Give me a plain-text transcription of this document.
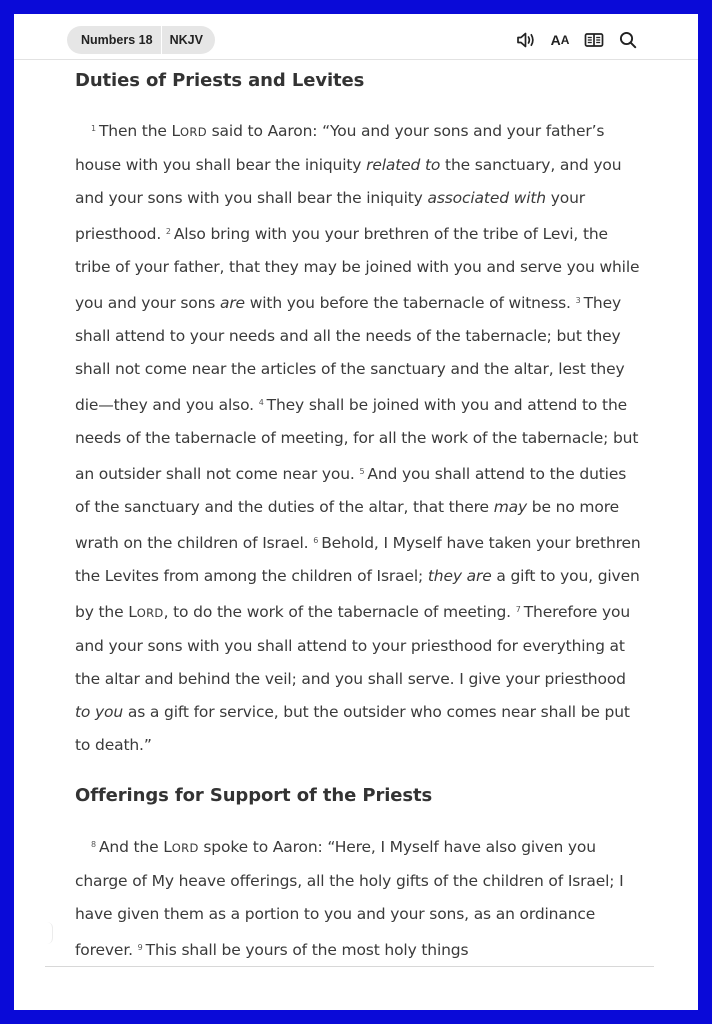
Numbers 18	NKJV	A A
Duties of Priests and Levites

$^1$ Then the LORD said to Aaron: “You and your sons and your father’s house with you shall bear the iniquity related to the sanctuary, and you and your sons with you shall bear the iniquity associated with your priesthood. $^2$ Also bring with you your brethren of the tribe of Levi, the tribe of your father, that they may be joined with you and serve you while you and your sons are with you before the tabernacle of witness. $^3$ They shall attend to your needs and all the needs of the tabernacle; but they shall not come near the articles of the sanctuary and the altar, lest they die—they and you also. $^4$ They shall be joined with you and attend to the needs of the tabernacle of meeting, for all the work of the tabernacle; but an outsider shall not come near you. $^5$ And you shall attend to the duties of the sanctuary and the duties of the altar, that there may be no more wrath on the children of Israel. $^6$ Behold, I Myself have taken your brethren the Levites from among the children of Israel; they are a gift to you, given by the LORD, to do the work of the tabernacle of meeting. $^7$ Therefore you and your sons with you shall attend to your priesthood for everything at the altar and behind the veil; and you shall serve. I give your priesthood to you as a gift for service, but the outsider who comes near shall be put to death.”

Offerings for Support of the Priests

$^8$ And the LORD spoke to Aaron: “Here, I Myself have also given you charge of My heave offerings, all the holy gifts of the children of Israel; I have given them as a portion to you and your sons, as an ordinance forever. $^9$ This shall be yours of the most holy things
